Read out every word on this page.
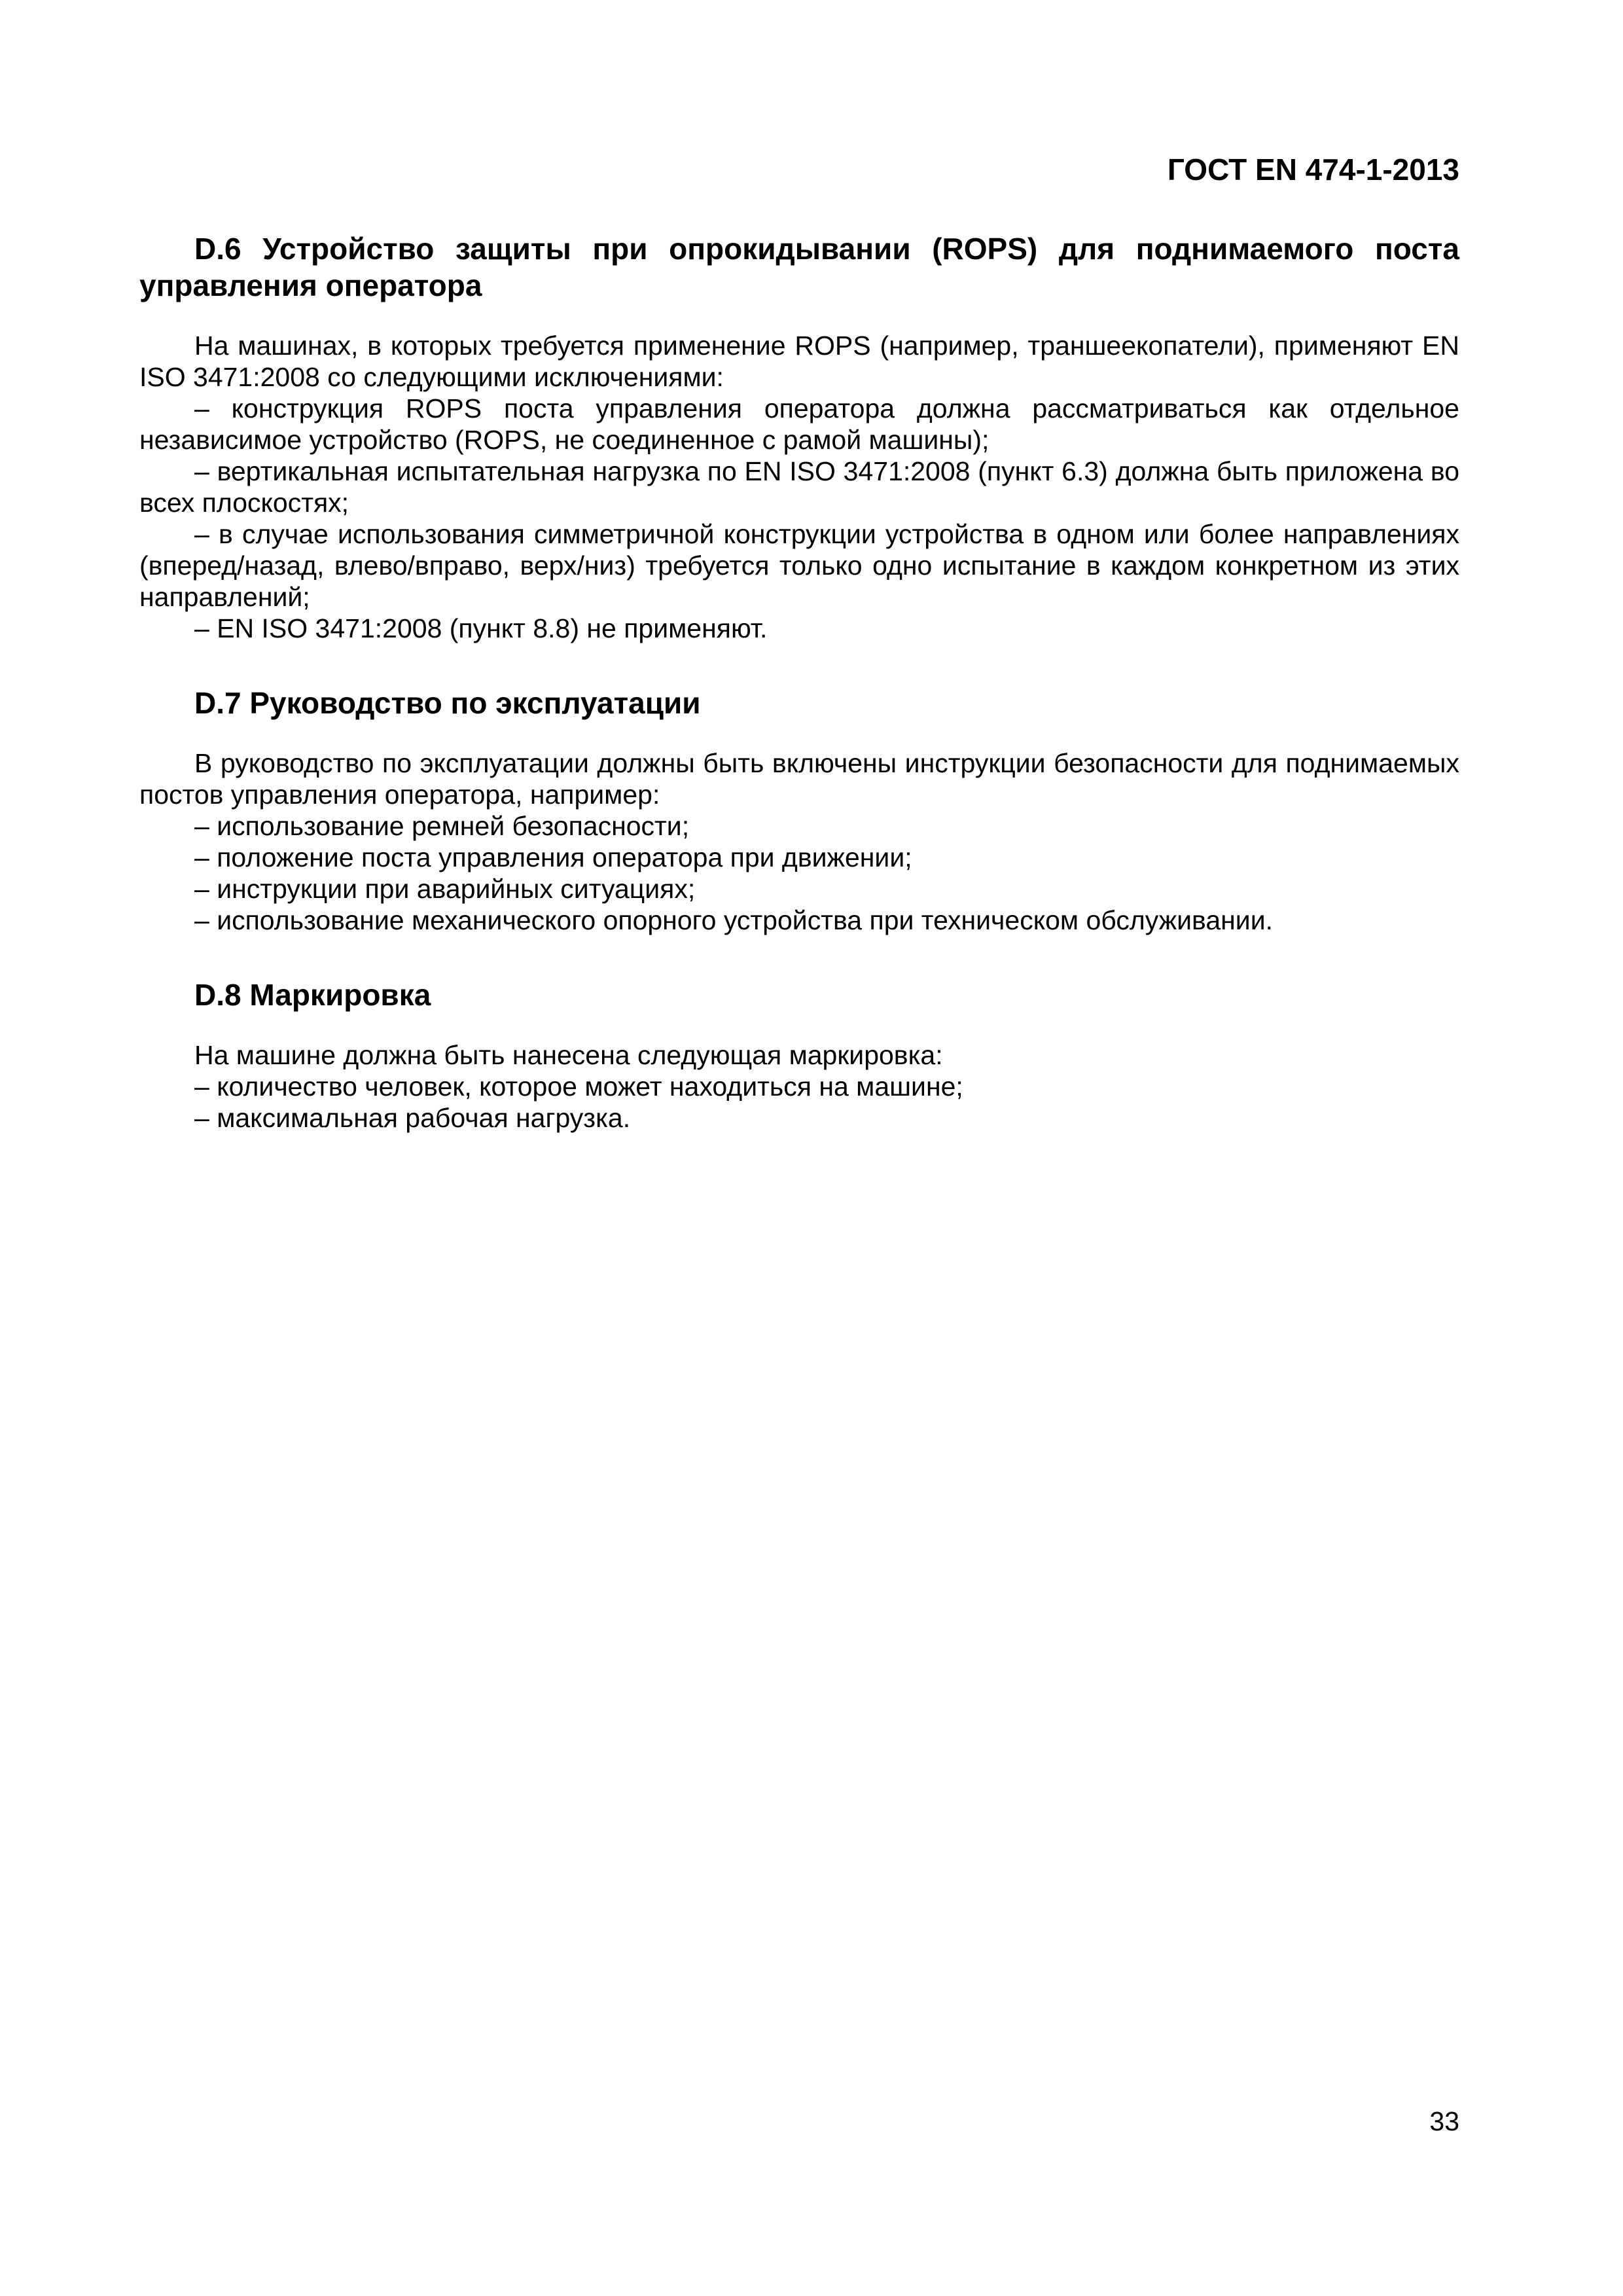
ГОСТ EN 474-1-2013
D.6 Устройство защиты при опрокидывании (ROPS) для поднимаемого поста управления оператора

На машинах, в которых требуется применение ROPS (например, траншеекопатели), применяют EN ISO 3471:2008 со следующими исключениями:

– конструкция ROPS поста управления оператора должна рассматриваться как отдельное независимое устройство (ROPS, не соединенное с рамой машины);
– вертикальная испытательная нагрузка по EN ISO 3471:2008 (пункт 6.3) должна быть приложена во всех плоскостях;
– в случае использования симметричной конструкции устройства в одном или более направлениях (вперед/назад, влево/вправо, верх/низ) требуется только одно испытание в каждом конкретном из этих направлений;
– EN ISO 3471:2008 (пункт 8.8) не применяют.
D.7 Руководство по эксплуатации

В руководство по эксплуатации должны быть включены инструкции безопасности для поднимаемых постов управления оператора, например:

– использование ремней безопасности;
– положение поста управления оператора при движении;
– инструкции при аварийных ситуациях;
– использование механического опорного устройства при техническом обслуживании.
D.8 Маркировка

На машине должна быть нанесена следующая маркировка:

– количество человек, которое может находиться на машине;
– максимальная рабочая нагрузка.
33
